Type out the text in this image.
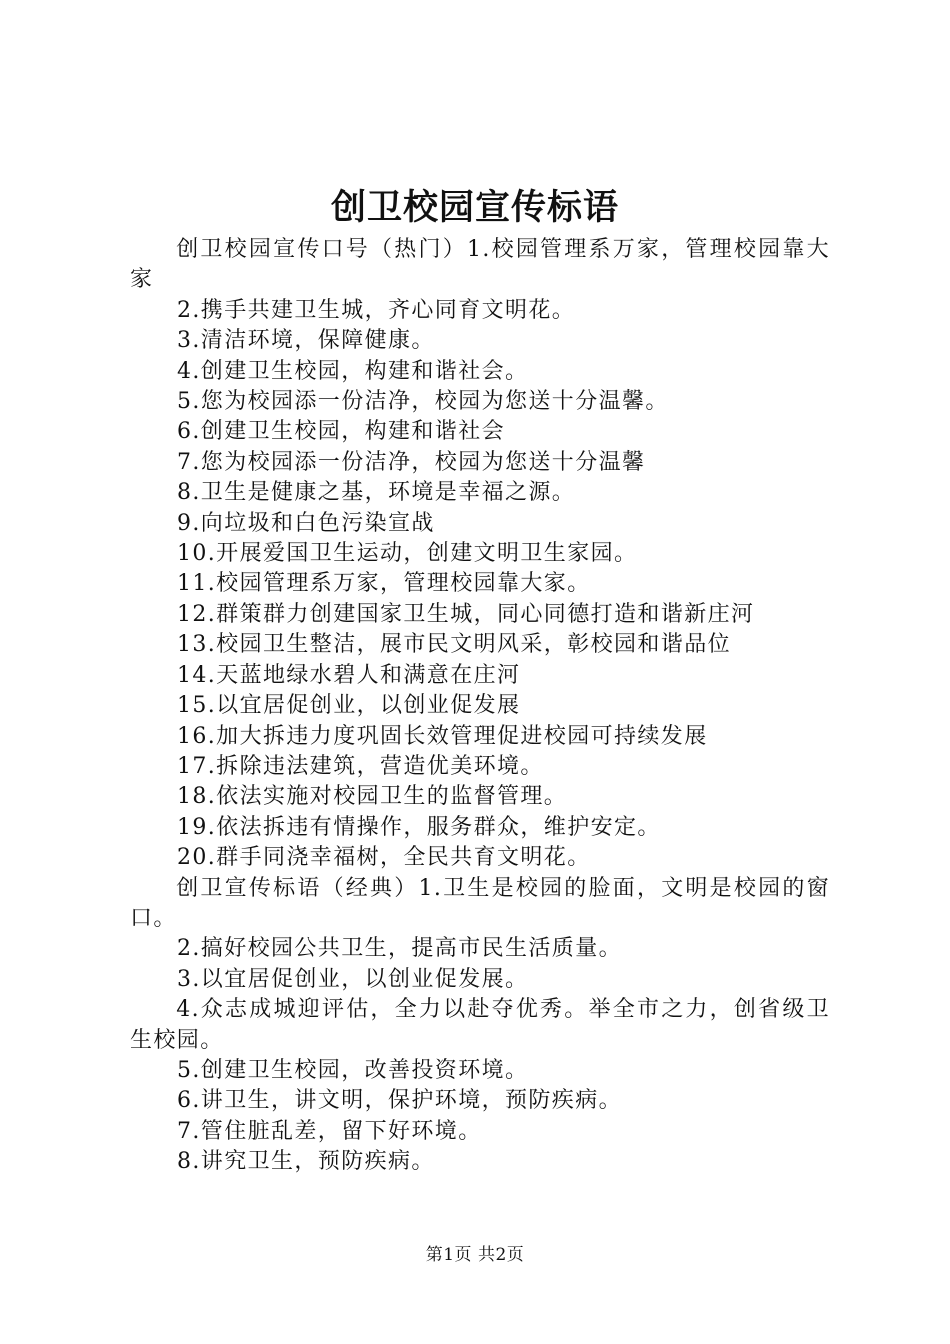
创卫校园宣传标语

创卫校园宣传口号（热门）1.校园管理系万家，管理校园靠大家

2.携手共建卫生城，齐心同育文明花。

3.清洁环境，保障健康。

4.创建卫生校园，构建和谐社会。

5.您为校园添一份洁净，校园为您送十分温馨。

6.创建卫生校园，构建和谐社会

7.您为校园添一份洁净，校园为您送十分温馨

8.卫生是健康之基，环境是幸福之源。

9.向垃圾和白色污染宣战

10.开展爱国卫生运动，创建文明卫生家园。

11.校园管理系万家，管理校园靠大家。

12.群策群力创建国家卫生城，同心同德打造和谐新庄河

13.校园卫生整洁，展市民文明风采，彰校园和谐品位

14.天蓝地绿水碧人和满意在庄河

15.以宜居促创业，以创业促发展

16.加大拆违力度巩固长效管理促进校园可持续发展

17.拆除违法建筑，营造优美环境。

18.依法实施对校园卫生的监督管理。

19.依法拆违有情操作，服务群众，维护安定。

20.群手同浇幸福树，全民共育文明花。

创卫宣传标语（经典）1.卫生是校园的脸面，文明是校园的窗口。

2.搞好校园公共卫生，提高市民生活质量。

3.以宜居促创业，以创业促发展。

4.众志成城迎评估，全力以赴夺优秀。举全市之力，创省级卫生校园。

5.创建卫生校园，改善投资环境。

6.讲卫生，讲文明，保护环境，预防疾病。

7.管住脏乱差，留下好环境。

8.讲究卫生，预防疾病。

第1页 共2页
